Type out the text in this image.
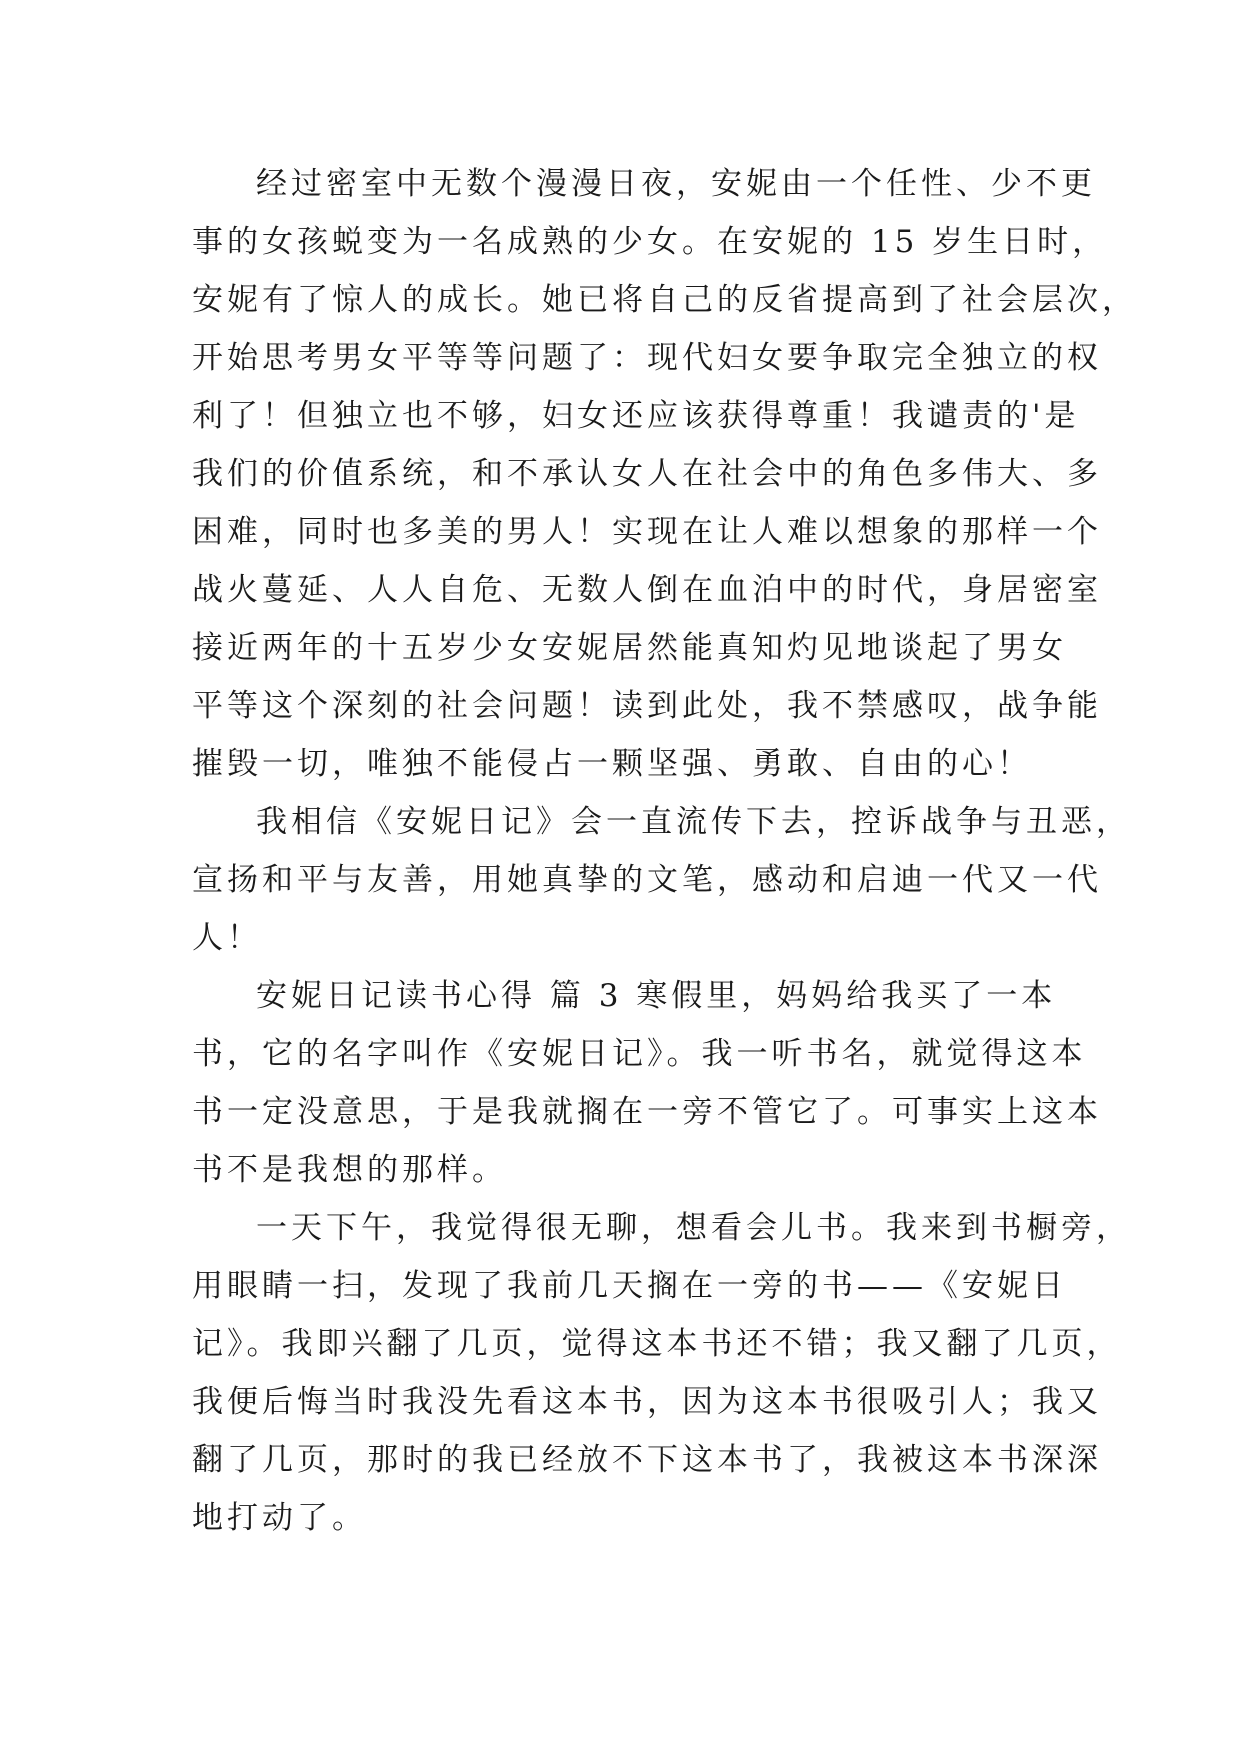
经过密室中无数个漫漫日夜，安妮由一个任性、少不更
事的女孩蜕变为一名成熟的少女。在安妮的 15 岁生日时，
安妮有了惊人的成长。她已将自己的反省提高到了社会层次，
开始思考男女平等等问题了：现代妇女要争取完全独立的权
利了！但独立也不够，妇女还应该获得尊重！我谴责的'是
我们的价值系统，和不承认女人在社会中的角色多伟大、多
困难，同时也多美的男人！实现在让人难以想象的那样一个
战火蔓延、人人自危、无数人倒在血泊中的时代，身居密室
接近两年的十五岁少女安妮居然能真知灼见地谈起了男女
平等这个深刻的社会问题！读到此处，我不禁感叹，战争能
摧毁一切，唯独不能侵占一颗坚强、勇敢、自由的心！
我相信《安妮日记》会一直流传下去，控诉战争与丑恶，
宣扬和平与友善，用她真挚的文笔，感动和启迪一代又一代
人！
安妮日记读书心得 篇 3 寒假里，妈妈给我买了一本
书，它的名字叫作《安妮日记》。我一听书名，就觉得这本
书一定没意思，于是我就搁在一旁不管它了。可事实上这本
书不是我想的那样。
一天下午，我觉得很无聊，想看会儿书。我来到书橱旁，
用眼睛一扫，发现了我前几天搁在一旁的书——《安妮日
记》。我即兴翻了几页，觉得这本书还不错；我又翻了几页，
我便后悔当时我没先看这本书，因为这本书很吸引人；我又
翻了几页，那时的我已经放不下这本书了，我被这本书深深
地打动了。
